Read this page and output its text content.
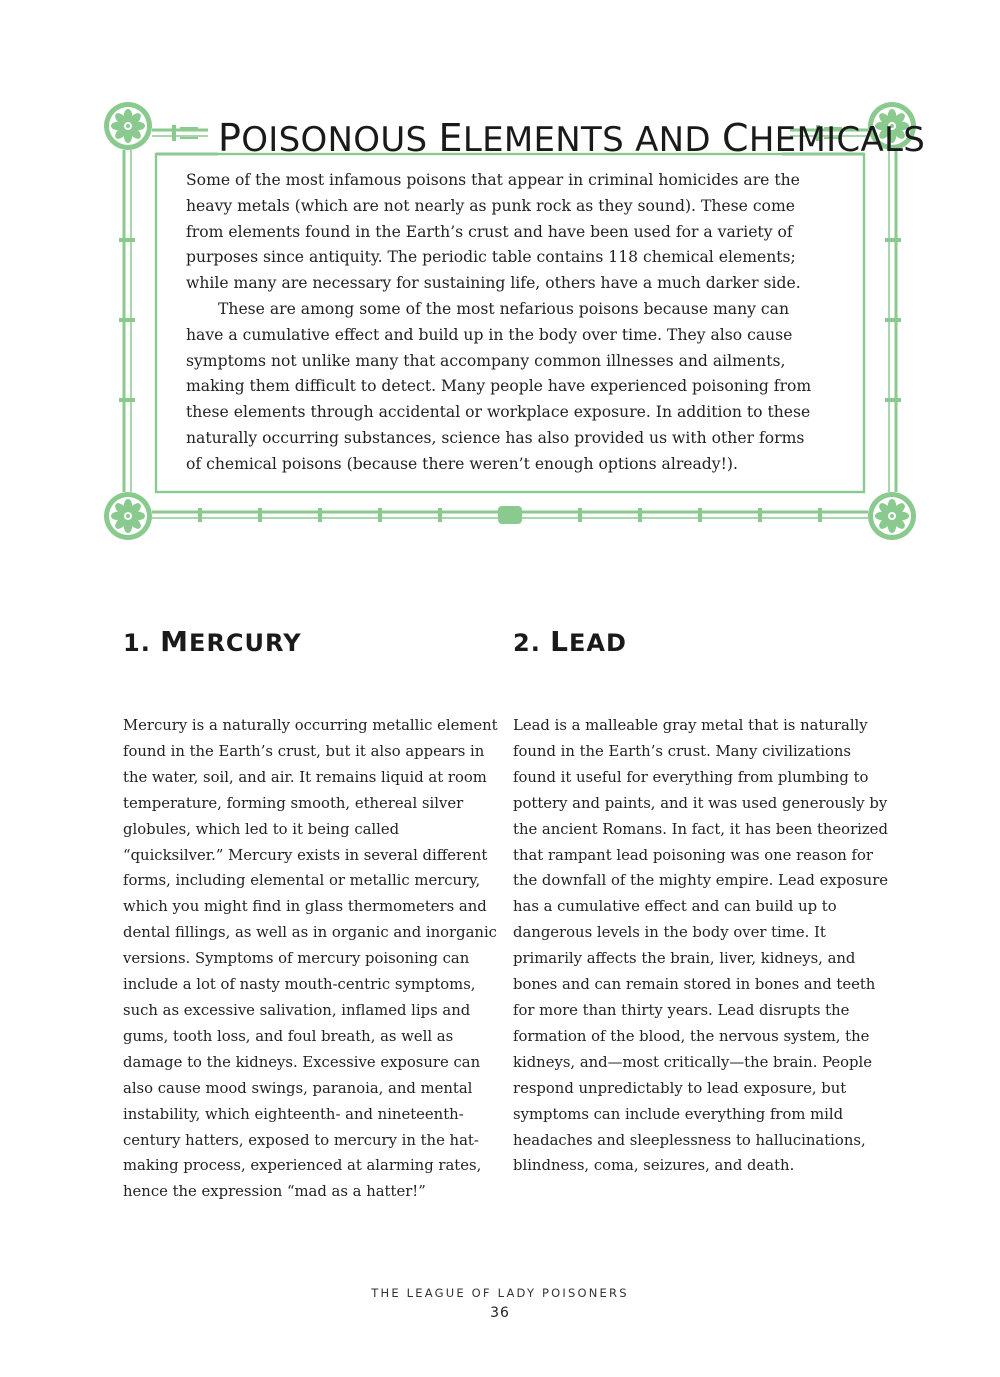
POISONOUS ELEMENTS AND CHEMICALS

Some of the most infamous poisons that appear in criminal homicides are the heavy metals (which are not nearly as punk rock as they sound). These come from elements found in the Earth’s crust and have been used for a variety of purposes since antiquity. The periodic table contains 118 chemical elements; while many are necessary for sustaining life, others have a much darker side.

These are among some of the most nefarious poisons because many can have a cumulative effect and build up in the body over time. They also cause symptoms not unlike many that accompany common illnesses and ailments, making them difficult to detect. Many people have experienced poisoning from these elements through accidental or workplace exposure. In addition to these naturally occurring substances, science has also provided us with other forms of chemical poisons (because there weren’t enough options already!).

1. MERCURY
Mercury is a naturally occurring metallic element found in the Earth’s crust, but it also appears in the water, soil, and air. It remains liquid at room temperature, forming smooth, ethereal silver globules, which led to it being called “quicksilver.” Mercury exists in several different forms, including elemental or metallic mercury, which you might find in glass thermometers and dental fillings, as well as in organic and inorganic versions. Symptoms of mercury poisoning can include a lot of nasty mouth-centric symptoms, such as excessive salivation, inflamed lips and gums, tooth loss, and foul breath, as well as damage to the kidneys. Excessive exposure can also cause mood swings, paranoia, and mental instability, which eighteenth- and nineteenth-century hatters, exposed to mercury in the hat-making process, experienced at alarming rates, hence the expression “mad as a hatter!”
2. LEAD
Lead is a malleable gray metal that is naturally found in the Earth’s crust. Many civilizations found it useful for everything from plumbing to pottery and paints, and it was used generously by the ancient Romans. In fact, it has been theorized that rampant lead poisoning was one reason for the downfall of the mighty empire. Lead exposure has a cumulative effect and can build up to dangerous levels in the body over time. It primarily affects the brain, liver, kidneys, and bones and can remain stored in bones and teeth for more than thirty years. Lead disrupts the formation of the blood, the nervous system, the kidneys, and—most critically—the brain. People respond unpredictably to lead exposure, but symptoms can include everything from mild headaches and sleeplessness to hallucinations, blindness, coma, seizures, and death.
THE LEAGUE OF LADY POISONERS
36
